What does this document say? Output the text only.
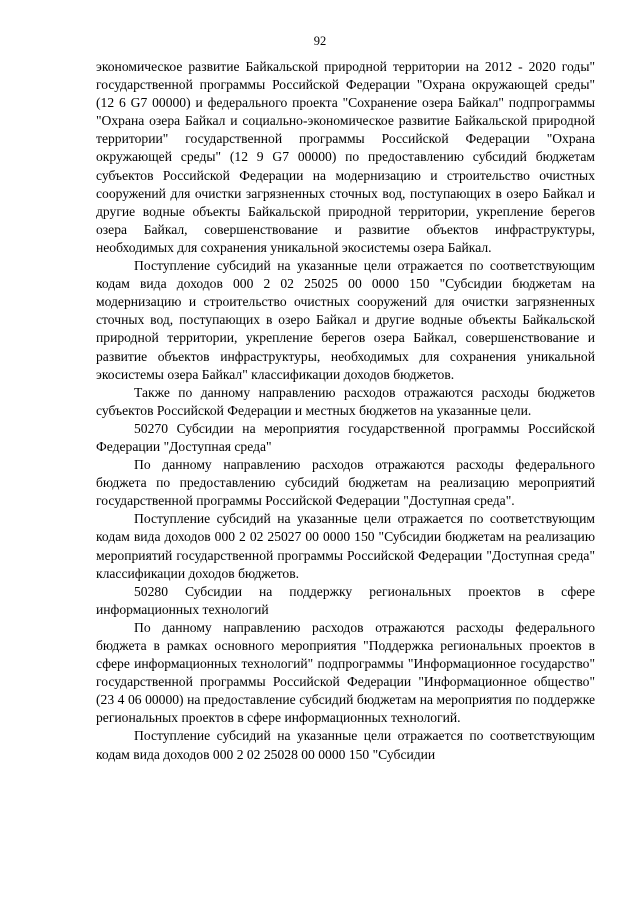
92

экономическое развитие Байкальской природной территории на 2012 - 2020 годы" государственной программы Российской Федерации "Охрана окружающей среды" (12 6 G7 00000) и федерального проекта "Сохранение озера Байкал" подпрограммы "Охрана озера Байкал и социально-экономическое развитие Байкальской природной территории" государственной программы Российской Федерации "Охрана окружающей среды" (12 9 G7 00000) по предоставлению субсидий бюджетам субъектов Российской Федерации на модернизацию и строительство очистных сооружений для очистки загрязненных сточных вод, поступающих в озеро Байкал и другие водные объекты Байкальской природной территории, укрепление берегов озера Байкал, совершенствование и развитие объектов инфраструктуры, необходимых для сохранения уникальной экосистемы озера Байкал.

Поступление субсидий на указанные цели отражается по соответствующим кодам вида доходов 000 2 02 25025 00 0000 150 "Субсидии бюджетам на модернизацию и строительство очистных сооружений для очистки загрязненных сточных вод, поступающих в озеро Байкал и другие водные объекты Байкальской природной территории, укрепление берегов озера Байкал, совершенствование и развитие объектов инфраструктуры, необходимых для сохранения уникальной экосистемы озера Байкал" классификации доходов бюджетов.

Также по данному направлению расходов отражаются расходы бюджетов субъектов Российской Федерации и местных бюджетов на указанные цели.

50270 Субсидии на мероприятия государственной программы Российской Федерации "Доступная среда"

По данному направлению расходов отражаются расходы федерального бюджета по предоставлению субсидий бюджетам на реализацию мероприятий государственной программы Российской Федерации "Доступная среда".

Поступление субсидий на указанные цели отражается по соответствующим кодам вида доходов 000 2 02 25027 00 0000 150 "Субсидии бюджетам на реализацию мероприятий государственной программы Российской Федерации "Доступная среда" классификации доходов бюджетов.

50280 Субсидии на поддержку региональных проектов в сфере информационных технологий

По данному направлению расходов отражаются расходы федерального бюджета в рамках основного мероприятия "Поддержка региональных проектов в сфере информационных технологий" подпрограммы "Информационное государство" государственной программы Российской Федерации "Информационное общество" (23 4 06 00000) на предоставление субсидий бюджетам на мероприятия по поддержке региональных проектов в сфере информационных технологий.

Поступление субсидий на указанные цели отражается по соответствующим кодам вида доходов 000 2 02 25028 00 0000 150 "Субсидии
